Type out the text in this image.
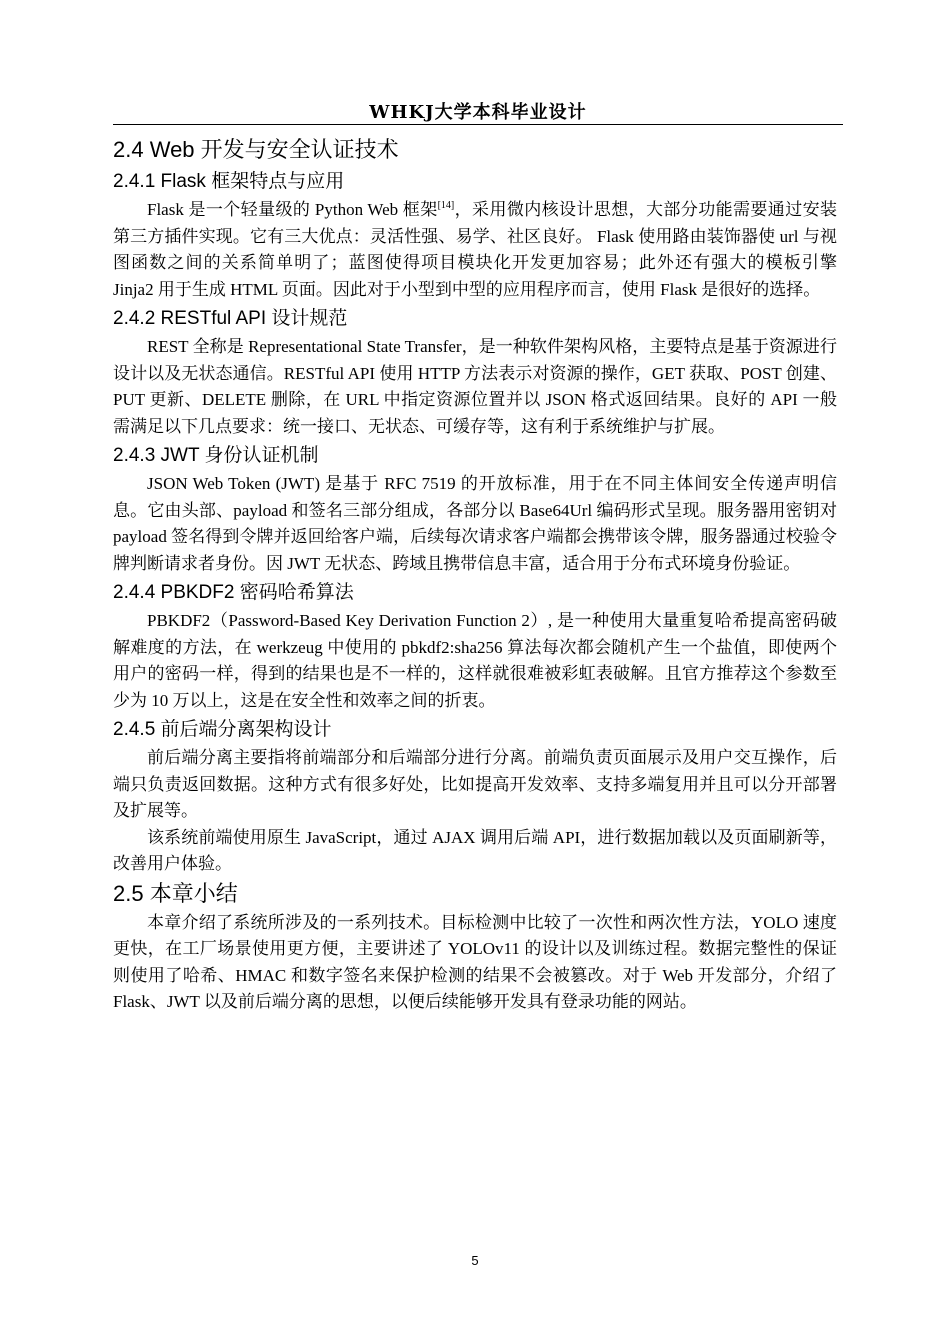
WHKJ大学本科毕业设计
2.4 Web 开发与安全认证技术
2.4.1 Flask 框架特点与应用

Flask 是一个轻量级的 Python Web 框架[14]，采用微内核设计思想，大部分功能需要通过安装第三方插件实现。它有三大优点：灵活性强、易学、社区良好。 Flask 使用路由装饰器使 url 与视图函数之间的关系简单明了；蓝图使得项目模块化开发更加容易；此外还有强大的模板引擎 Jinja2 用于生成 HTML 页面。因此对于小型到中型的应用程序而言，使用 Flask 是很好的选择。

2.4.2 RESTful API 设计规范

REST 全称是 Representational State Transfer，是一种软件架构风格，主要特点是基于资源进行设计以及无状态通信。RESTful API 使用 HTTP 方法表示对资源的操作，GET 获取、POST 创建、PUT 更新、DELETE 删除，在 URL 中指定资源位置并以 JSON 格式返回结果。良好的 API 一般需满足以下几点要求：统一接口、无状态、可缓存等，这有利于系统维护与扩展。

2.4.3 JWT 身份认证机制

JSON Web Token (JWT) 是基于 RFC 7519 的开放标准，用于在不同主体间安全传递声明信息。它由头部、payload 和签名三部分组成，各部分以 Base64Url 编码形式呈现。服务器用密钥对 payload 签名得到令牌并返回给客户端，后续每次请求客户端都会携带该令牌，服务器通过校验令牌判断请求者身份。因 JWT 无状态、跨域且携带信息丰富，适合用于分布式环境身份验证。

2.4.4 PBKDF2 密码哈希算法

PBKDF2（Password-Based Key Derivation Function 2）, 是一种使用大量重复哈希提高密码破解难度的方法，在 werkzeug 中使用的 pbkdf2:sha256 算法每次都会随机产生一个盐值，即使两个用户的密码一样，得到的结果也是不一样的，这样就很难被彩虹表破解。且官方推荐这个参数至少为 10 万以上，这是在安全性和效率之间的折衷。

2.4.5 前后端分离架构设计

前后端分离主要指将前端部分和后端部分进行分离。前端负责页面展示及用户交互操作，后端只负责返回数据。这种方式有很多好处，比如提高开发效率、支持多端复用并且可以分开部署及扩展等。

该系统前端使用原生 JavaScript，通过 AJAX 调用后端 API，进行数据加载以及页面刷新等，改善用户体验。

2.5 本章小结

本章介绍了系统所涉及的一系列技术。目标检测中比较了一次性和两次性方法，YOLO 速度更快，在工厂场景使用更方便，主要讲述了 YOLOv11 的设计以及训练过程。数据完整性的保证则使用了哈希、HMAC 和数字签名来保护检测的结果不会被篡改。对于 Web 开发部分，介绍了 Flask、JWT 以及前后端分离的思想，以便后续能够开发具有登录功能的网站。

5
